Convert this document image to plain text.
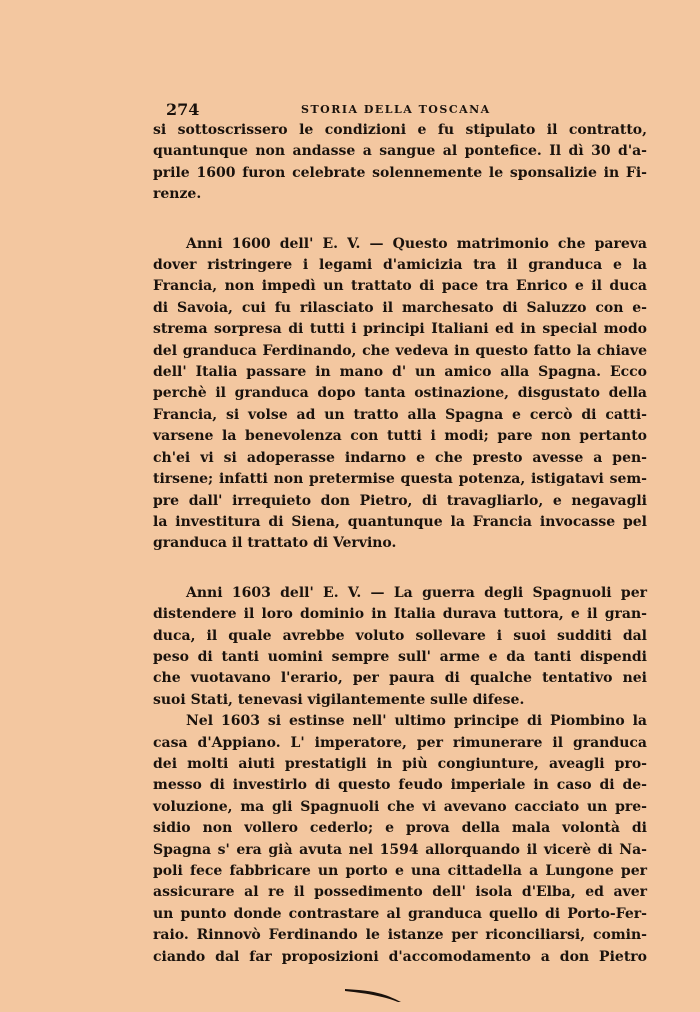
274	STORIA DELLA TOSCANA
si sottoscrissero le condizioni e fu stipulato il contratto,
quantunque non andasse a sangue al pontefice. Il dì 30 d'a-
prile 1600 furon celebrate solennemente le sponsalizie in Fi-
renze.
Anni 1600 dell' E. V. — Questo matrimonio che pareva
dover ristringere i legami d'amicizia tra il granduca e la
Francia, non impedì un trattato di pace tra Enrico e il duca
di Savoia, cui fu rilasciato il marchesato di Saluzzo con e-
strema sorpresa di tutti i principi Italiani ed in special modo
del granduca Ferdinando, che vedeva in questo fatto la chiave
dell' Italia passare in mano d' un amico alla Spagna. Ecco
perchè il granduca dopo tanta ostinazione, disgustato della
Francia, si volse ad un tratto alla Spagna e cercò di catti-
varsene la benevolenza con tutti i modi; pare non pertanto
ch'ei vi si adoperasse indarno e che presto avesse a pen-
tirsene; infatti non pretermise questa potenza, istigatavi sem-
pre dall' irrequieto don Pietro, di travagliarlo, e negavagli
la investitura di Siena, quantunque la Francia invocasse pel
granduca il trattato di Vervino.
Anni 1603 dell' E. V. — La guerra degli Spagnuoli per
distendere il loro dominio in Italia durava tuttora, e il gran-
duca, il quale avrebbe voluto sollevare i suoi sudditi dal
peso di tanti uomini sempre sull' arme e da tanti dispendi
che vuotavano l'erario, per paura di qualche tentativo nei
suoi Stati, tenevasi vigilantemente sulle difese.
Nel 1603 si estinse nell' ultimo principe di Piombino la
casa d'Appiano. L' imperatore, per rimunerare il granduca
dei molti aiuti prestatigli in più congiunture, aveagli pro-
messo di investirlo di questo feudo imperiale in caso di de-
voluzione, ma gli Spagnuoli che vi avevano cacciato un pre-
sidio non vollero cederlo; e prova della mala volontà di
Spagna s' era già avuta nel 1594 allorquando il vicerè di Na-
poli fece fabbricare un porto e una cittadella a Lungone per
assicurare al re il possedimento dell' isola d'Elba, ed aver
un punto donde contrastare al granduca quello di Porto-Fer-
raio. Rinnovò Ferdinando le istanze per riconciliarsi, comin-
ciando dal far proposizioni d'accomodamento a don Pietro
